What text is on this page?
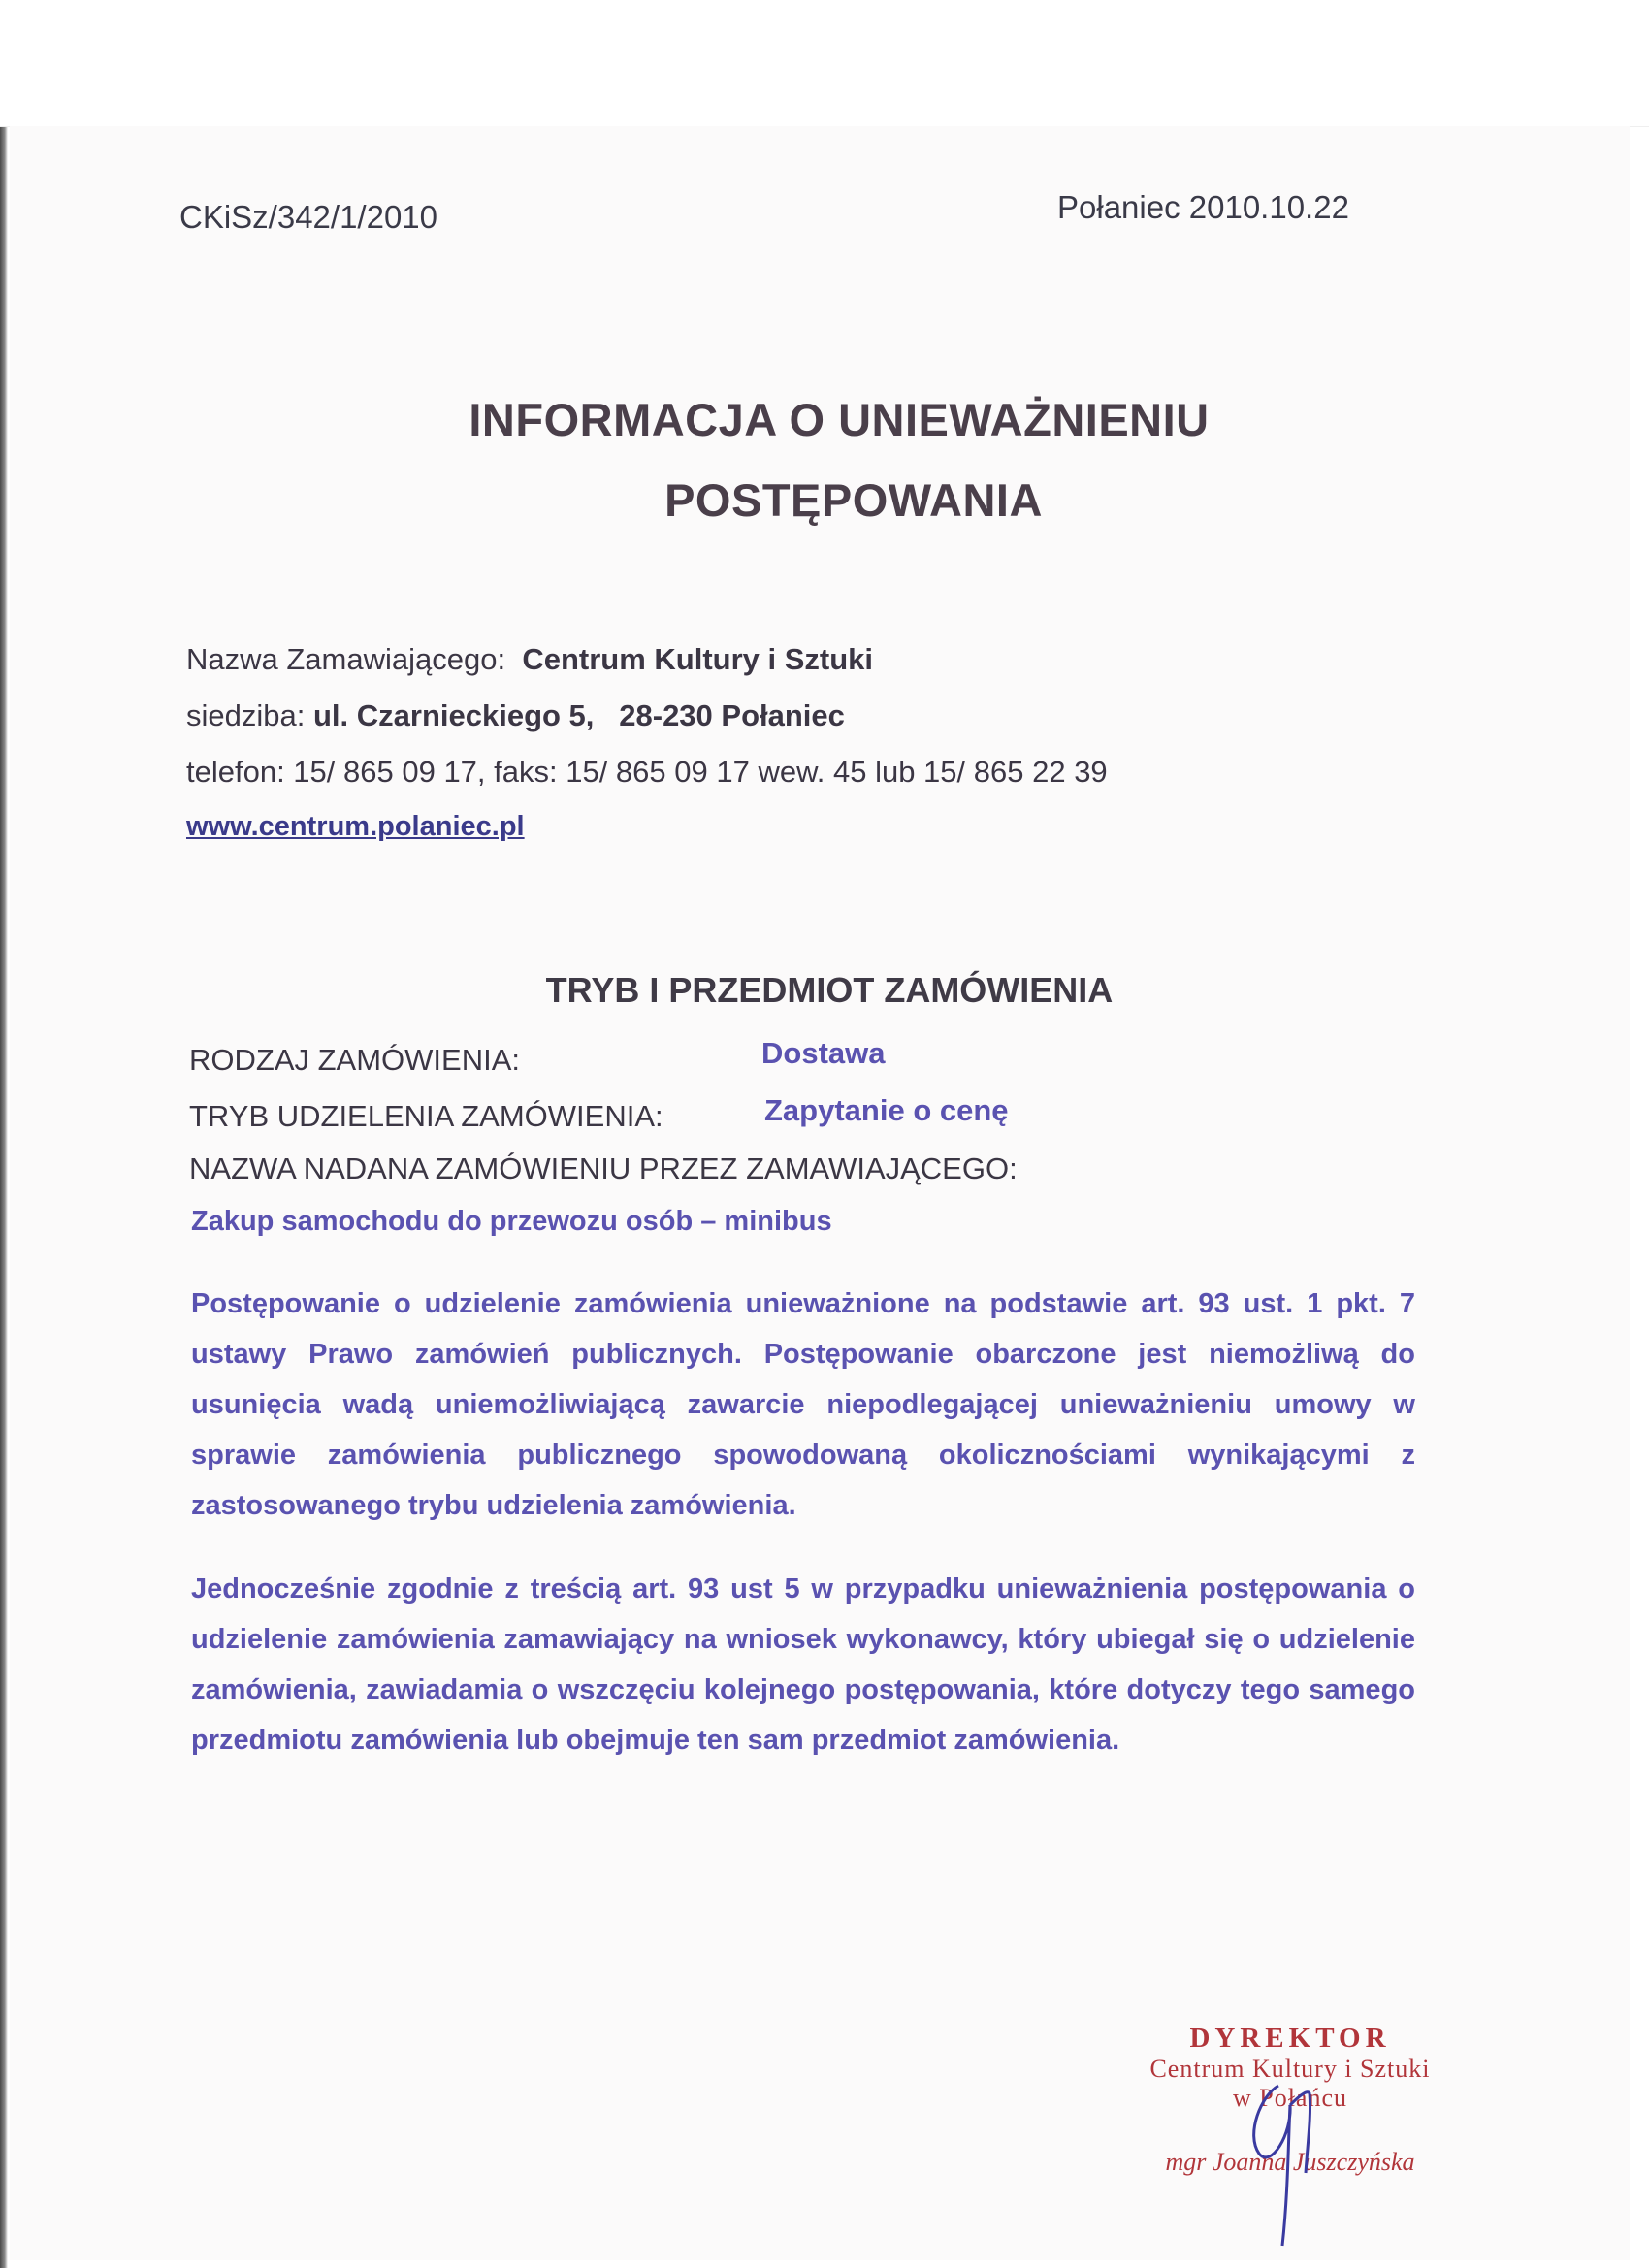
CKiSz/342/1/2010	Połaniec 2010.10.22
INFORMACJA O UNIEWAŻNIENIU
POSTĘPOWANIA
Nazwa Zamawiającego: Centrum Kultury i Sztuki
siedziba: ul. Czarnieckiego 5, 28-230 Połaniec
telefon: 15/ 865 09 17, faks: 15/ 865 09 17 wew. 45 lub 15/ 865 22 39
www.centrum.polaniec.pl
TRYB I PRZEDMIOT ZAMÓWIENIA
RODZAJ ZAMÓWIENIA:	Dostawa
TRYB UDZIELENIA ZAMÓWIENIA:	Zapytanie o cenę
NAZWA NADANA ZAMÓWIENIU PRZEZ ZAMAWIAJĄCEGO:
Zakup samochodu do przewozu osób – minibus
Postępowanie o udzielenie zamówienia unieważnione na podstawie art. 93 ust. 1 pkt. 7 ustawy Prawo zamówień publicznych. Postępowanie obarczone jest niemożliwą do usunięcia wadą uniemożliwiającą zawarcie niepodlegającej unieważnieniu umowy w sprawie zamówienia publicznego spowodowaną okolicznościami wynikającymi z zastosowanego trybu udzielenia zamówienia.
Jednocześnie zgodnie z treścią art. 93 ust 5 w przypadku unieważnienia postępowania o udzielenie zamówienia zamawiający na wniosek wykonawcy, który ubiegał się o udzielenie zamówienia, zawiadamia o wszczęciu kolejnego postępowania, które dotyczy tego samego przedmiotu zamówienia lub obejmuje ten sam przedmiot zamówienia.
DYREKTOR
Centrum Kultury i Sztuki
w Połańcu
mgr Joanna Juszczyńska
